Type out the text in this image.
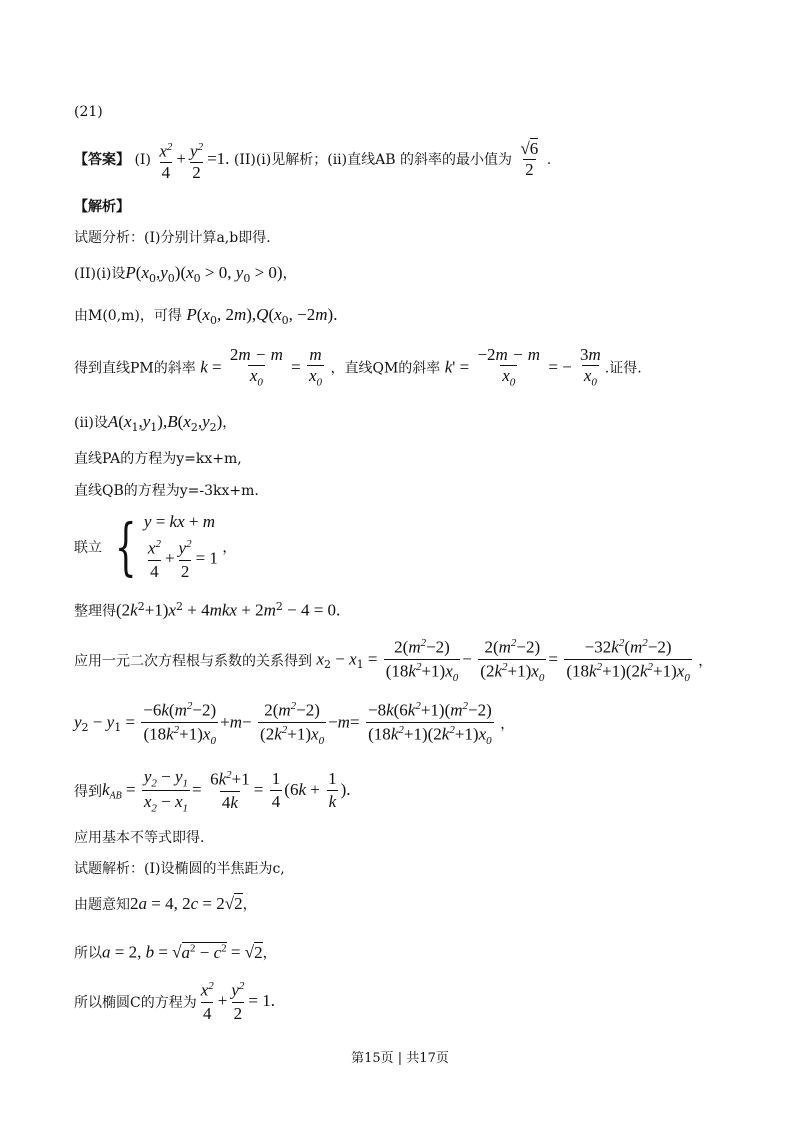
(21)
【答案】 $(I) \frac{x^2}{4} + \frac{y^2}{2} =1$. (II)(i)见解析；(ii)直线AB 的斜率的最小值为 $\frac{√6}{2}$ .
【解析】
试题分析：(I)分别计算a,b即得.
(II)(i)设$P(x_0,y_0)(x_0 > 0$, $y_0 > 0$)，
由M(0,m)，可得 $P(x_0$, $2m),Q(x_0$, −2m).
得到直线PM的斜率 $k = \frac{2m - m}{x_0} = \frac{m}{x_0}$ ，直线QM的斜率 $k' = \frac{-2m - m}{x_0}$ = − $\frac{3m}{x_0}$ .证得.
(ii)设$A(x_1,y_1),B(x_2,y_2)$，
直线PA的方程为y=kx+m,
直线QB的方程为y=-3kx+m.
联立 { y = kx + m
$\frac{x^2}{4} + \frac{y^2}{2} = 1$
，
整理得$(2k^2+1)x^2 + 4mkx + 2m^2 - 4 = 0$.
应用一元二次方程根与系数的关系得到 $x_2 - x_1 = \frac{2(m^2-2)}{(18k^2+1)x_0} - \frac{2(m^2-2)}{(2k^2+1)x_0} = \frac{-32k^2(m^2-2)}{(18k^2+1)(2k^2+1)x_0}$ ，
$y_2 - y_1 = \frac{-6k(m^2-2)}{(18k^2+1)x_0} +m- \frac{2(m^2-2)}{(2k^2+1)x_0} -m= \frac{-8k(6k^2+1)(m^2-2)}{(18k^2+1)(2k^2+1)x_0}$ ，
得到$k_{AB} = \frac{y_2 - y_1}{x_2 - x_1} = \frac{6k^2+1}{4k} = \frac{1}{4} (6k + \frac{1}{k}$ ).
应用基本不等式即得.
试题解析：(I)设椭圆的半焦距为c,
由题意知2a = 4, 2c = 2√2，
所以a = 2, $b = √a^2 - c^2 = √2$，
所以椭圆C的方程为 $\frac{x^2}{4} + \frac{y^2}{2} = 1$.
第15页 | 共17页
